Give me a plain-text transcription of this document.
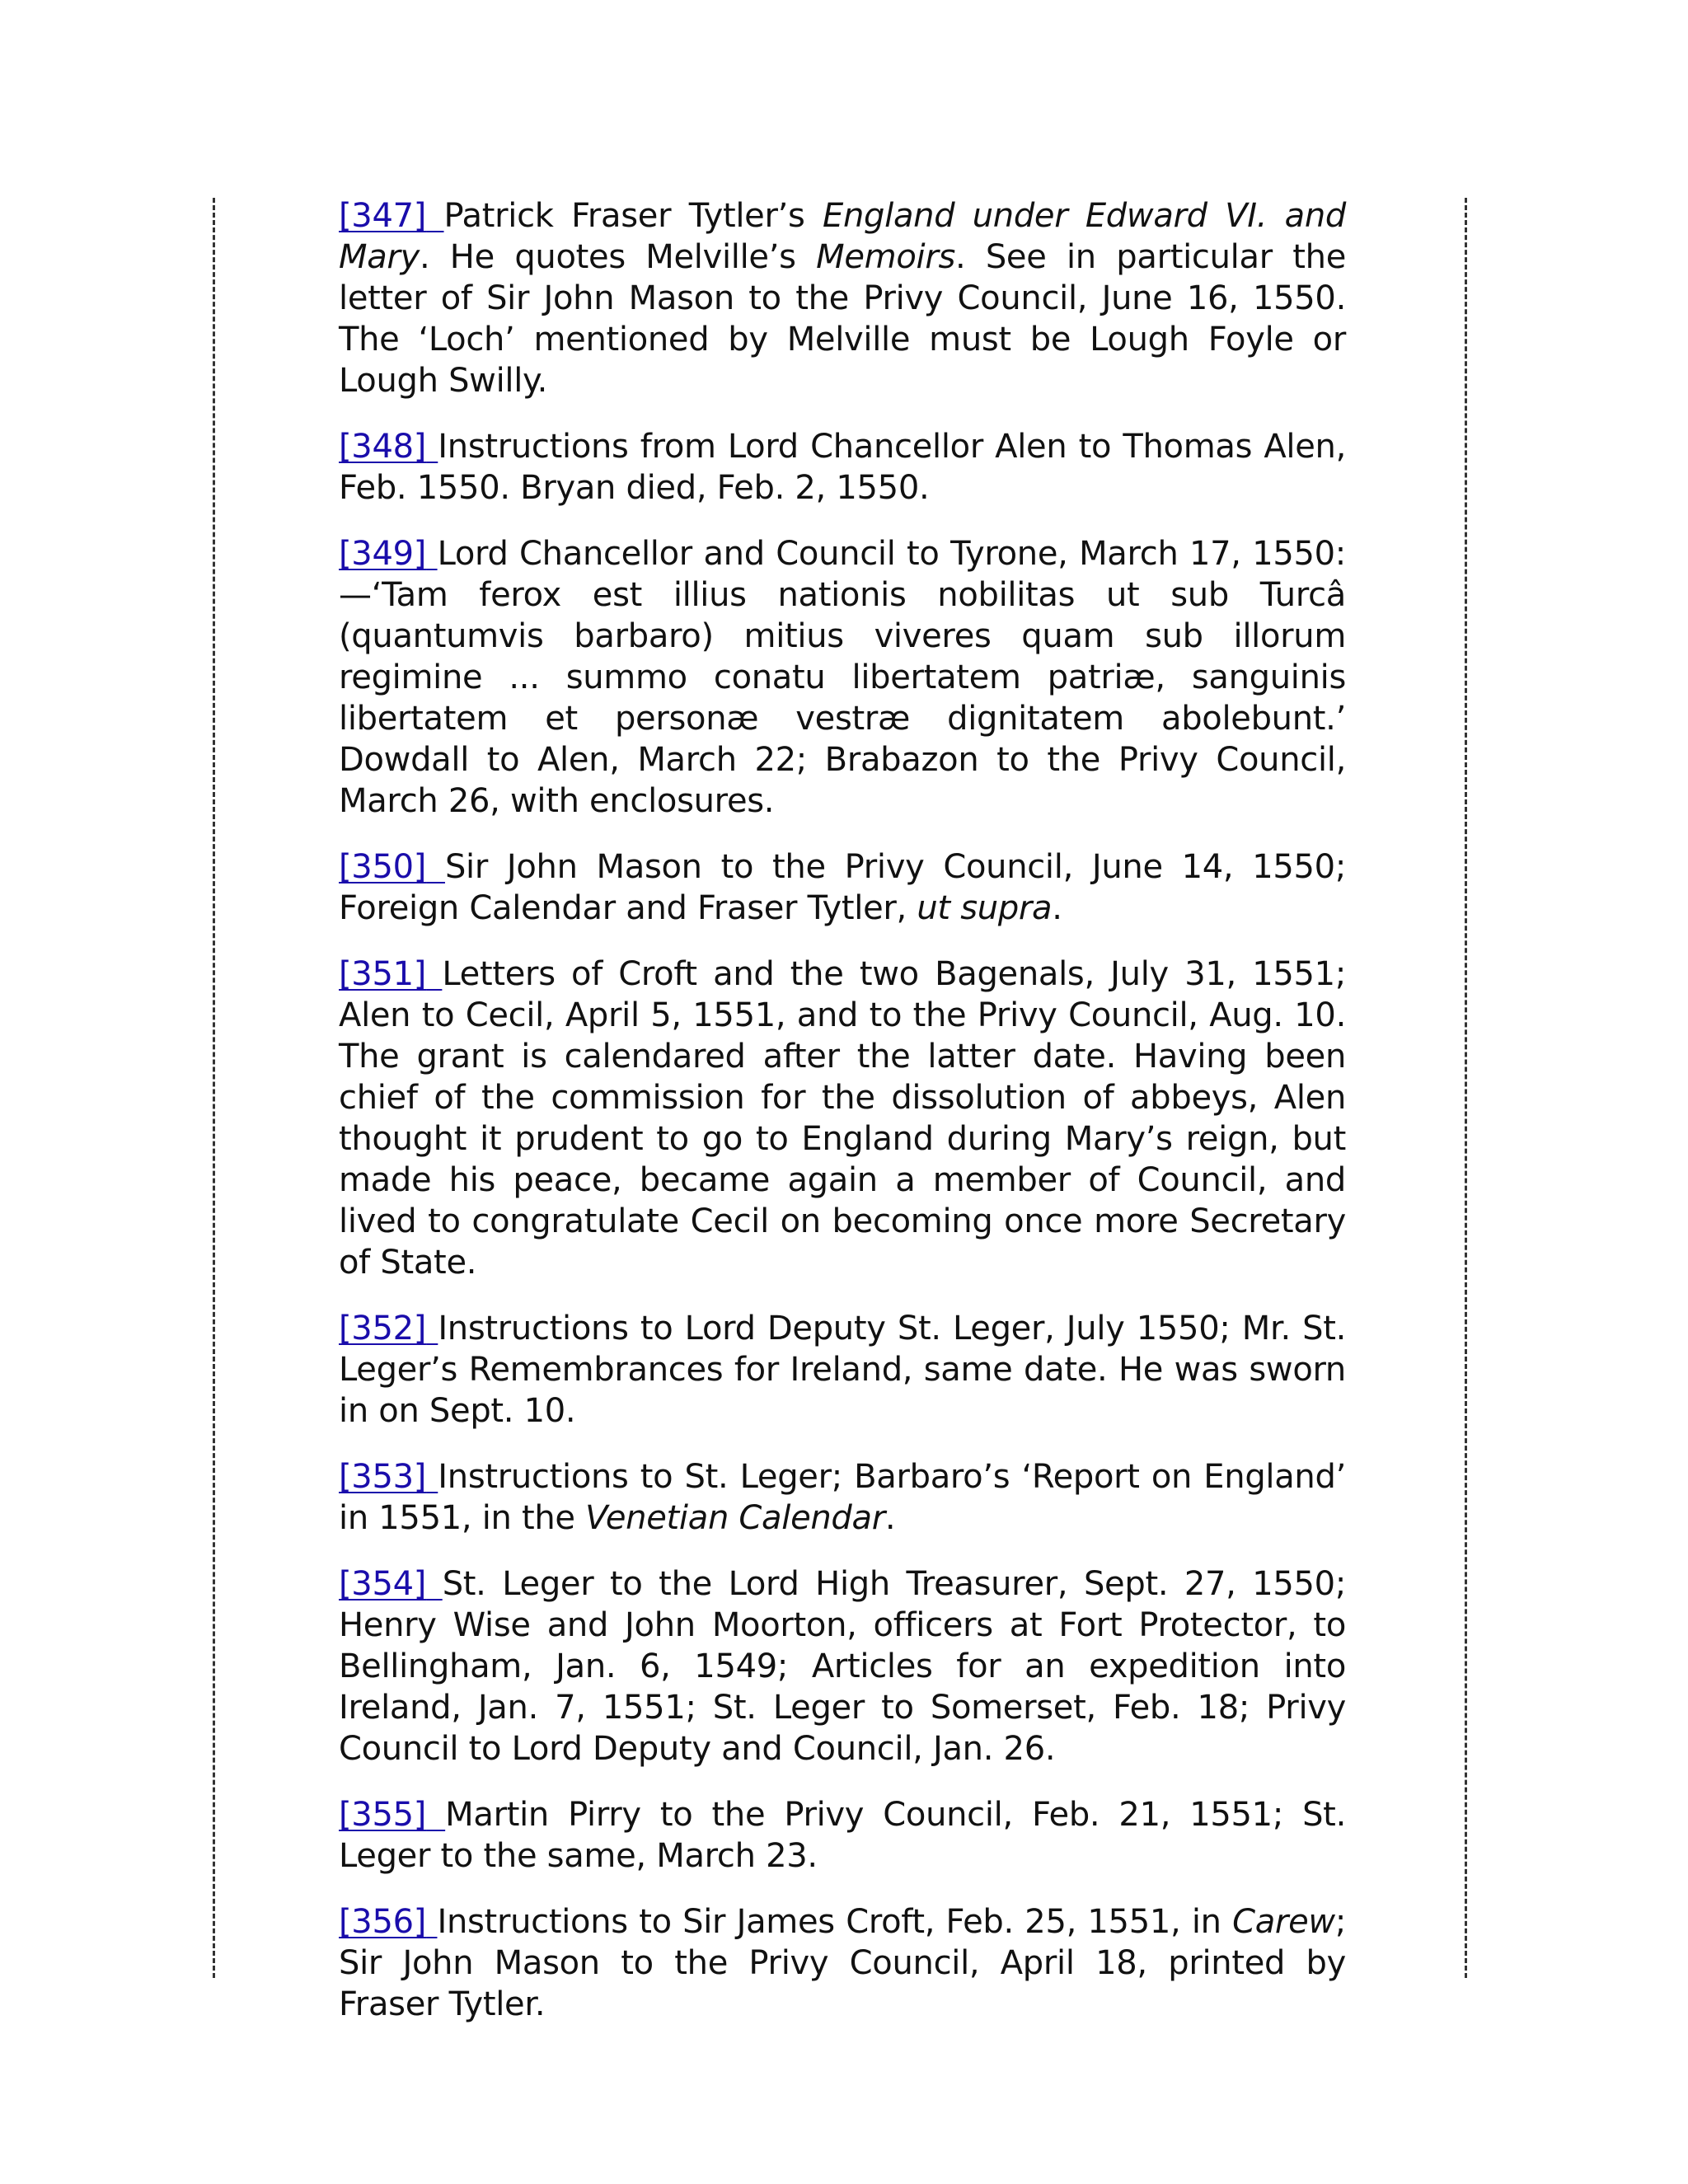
[347] Patrick Fraser Tytler’s England under Edward VI. and Mary. He quotes Melville’s Memoirs. See in particular the letter of Sir John Mason to the Privy Council, June 16, 1550. The ‘Loch’ mentioned by Melville must be Lough Foyle or Lough Swilly.
[348] Instructions from Lord Chancellor Alen to Thomas Alen, Feb. 1550. Bryan died, Feb. 2, 1550.
[349] Lord Chancellor and Council to Tyrone, March 17, 1550:—‘Tam ferox est illius nationis nobilitas ut sub Turcâ (quantumvis barbaro) mitius viveres quam sub illorum regimine ... summo conatu libertatem patriæ, sanguinis libertatem et personæ vestræ dignitatem abolebunt.’ Dowdall to Alen, March 22; Brabazon to the Privy Council, March 26, with enclosures.
[350] Sir John Mason to the Privy Council, June 14, 1550; Foreign Calendar and Fraser Tytler, ut supra.
[351] Letters of Croft and the two Bagenals, July 31, 1551; Alen to Cecil, April 5, 1551, and to the Privy Council, Aug. 10. The grant is calendared after the latter date. Having been chief of the commission for the dissolution of abbeys, Alen thought it prudent to go to England during Mary’s reign, but made his peace, became again a member of Council, and lived to congratulate Cecil on becoming once more Secretary of State.
[352] Instructions to Lord Deputy St. Leger, July 1550; Mr. St. Leger’s Remembrances for Ireland, same date. He was sworn in on Sept. 10.
[353] Instructions to St. Leger; Barbaro’s ‘Report on England’ in 1551, in the Venetian Calendar.
[354] St. Leger to the Lord High Treasurer, Sept. 27, 1550; Henry Wise and John Moorton, officers at Fort Protector, to Bellingham, Jan. 6, 1549; Articles for an expedition into Ireland, Jan. 7, 1551; St. Leger to Somerset, Feb. 18; Privy Council to Lord Deputy and Council, Jan. 26.
[355] Martin Pirry to the Privy Council, Feb. 21, 1551; St. Leger to the same, March 23.
[356] Instructions to Sir James Croft, Feb. 25, 1551, in Carew; Sir John Mason to the Privy Council, April 18, printed by Fraser Tytler.
